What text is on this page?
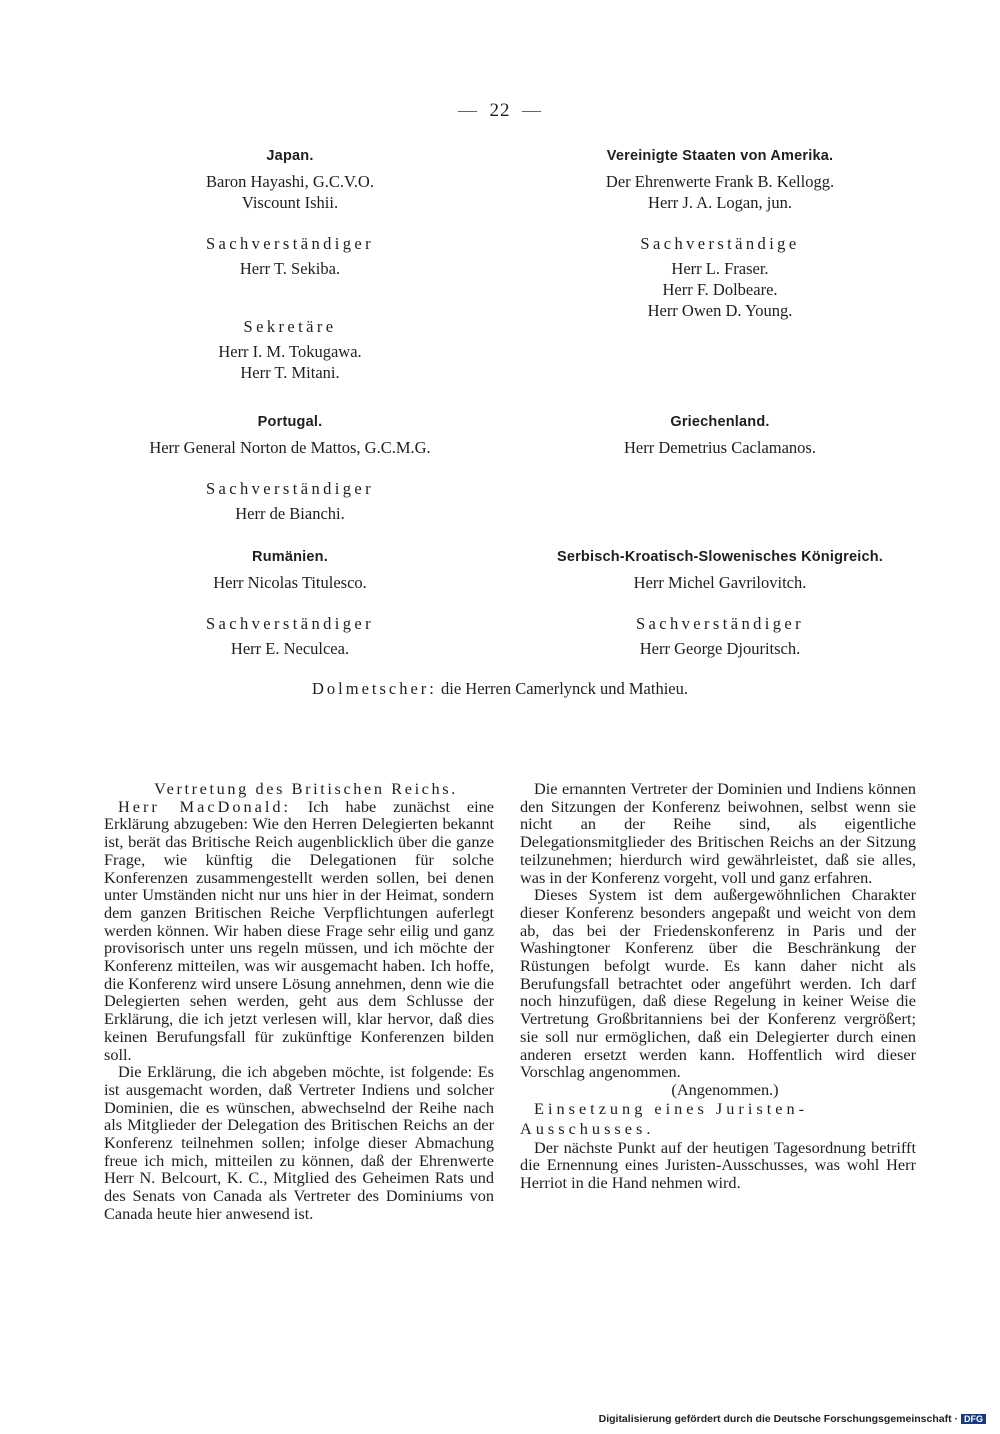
— 22 —
Japan.
Baron Hayashi, G.C.V.O.
Viscount Ishii.
Sachverständiger
Herr T. Sekiba.
Sekretäre
Herr I. M. Tokugawa.
Herr T. Mitani.
Vereinigte Staaten von Amerika.
Der Ehrenwerte Frank B. Kellogg.
Herr J. A. Logan, jun.
Sachverständige
Herr L. Fraser.
Herr F. Dolbeare.
Herr Owen D. Young.
Portugal.
Herr General Norton de Mattos, G.C.M.G.
Sachverständiger
Herr de Bianchi.
Griechenland.
Herr Demetrius Caclamanos.
Rumänien.
Herr Nicolas Titulesco.
Sachverständiger
Herr E. Neculcea.
Serbisch-Kroatisch-Slowenisches Königreich.
Herr Michel Gavrilovitch.
Sachverständiger
Herr George Djouritsch.
Dolmetscher: die Herren Camerlynck und Mathieu.

Vertretung des Britischen Reichs.

Herr MacDonald: Ich habe zunächst eine Erklärung abzugeben: Wie den Herren Delegierten bekannt ist, berät das Britische Reich augenblicklich über die ganze Frage, wie künftig die Delegationen für solche Konferenzen zusammengestellt werden sollen, bei denen unter Umständen nicht nur uns hier in der Heimat, sondern dem ganzen Britischen Reiche Verpflichtungen auferlegt werden können. Wir haben diese Frage sehr eilig und ganz provisorisch unter uns regeln müssen, und ich möchte der Konferenz mitteilen, was wir ausgemacht haben. Ich hoffe, die Konferenz wird unsere Lösung annehmen, denn wie die Delegierten sehen werden, geht aus dem Schlusse der Erklärung, die ich jetzt verlesen will, klar hervor, daß dies keinen Berufungsfall für zukünftige Konferenzen bilden soll.

Die Erklärung, die ich abgeben möchte, ist folgende: Es ist ausgemacht worden, daß Vertreter Indiens und solcher Dominien, die es wünschen, abwechselnd der Reihe nach als Mitglieder der Delegation des Britischen Reichs an der Konferenz teilnehmen sollen; infolge dieser Abmachung freue ich mich, mitteilen zu können, daß der Ehrenwerte Herr N. Belcourt, K. C., Mitglied des Geheimen Rats und des Senats von Canada als Vertreter des Dominiums von Canada heute hier anwesend ist.

Die ernannten Vertreter der Dominien und Indiens können den Sitzungen der Konferenz beiwohnen, selbst wenn sie nicht an der Reihe sind, als eigentliche Delegationsmitglieder des Britischen Reichs an der Sitzung teilzunehmen; hierdurch wird gewährleistet, daß sie alles, was in der Konferenz vorgeht, voll und ganz erfahren.

Dieses System ist dem außergewöhnlichen Charakter dieser Konferenz besonders angepaßt und weicht von dem ab, das bei der Friedenskonferenz in Paris und der Washingtoner Konferenz über die Beschränkung der Rüstungen befolgt wurde. Es kann daher nicht als Berufungsfall betrachtet oder angeführt werden. Ich darf noch hinzufügen, daß diese Regelung in keiner Weise die Vertretung Großbritanniens bei der Konferenz vergrößert; sie soll nur ermöglichen, daß ein Delegierter durch einen anderen ersetzt werden kann. Hoffentlich wird dieser Vorschlag angenommen.

(Angenommen.)

Einsetzung eines Juristen-Ausschusses.

Der nächste Punkt auf der heutigen Tagesordnung betrifft die Ernennung eines Juristen-Ausschusses, was wohl Herr Herriot in die Hand nehmen wird.

Digitalisierung gefördert durch die Deutsche Forschungsgemeinschaft · DFG
